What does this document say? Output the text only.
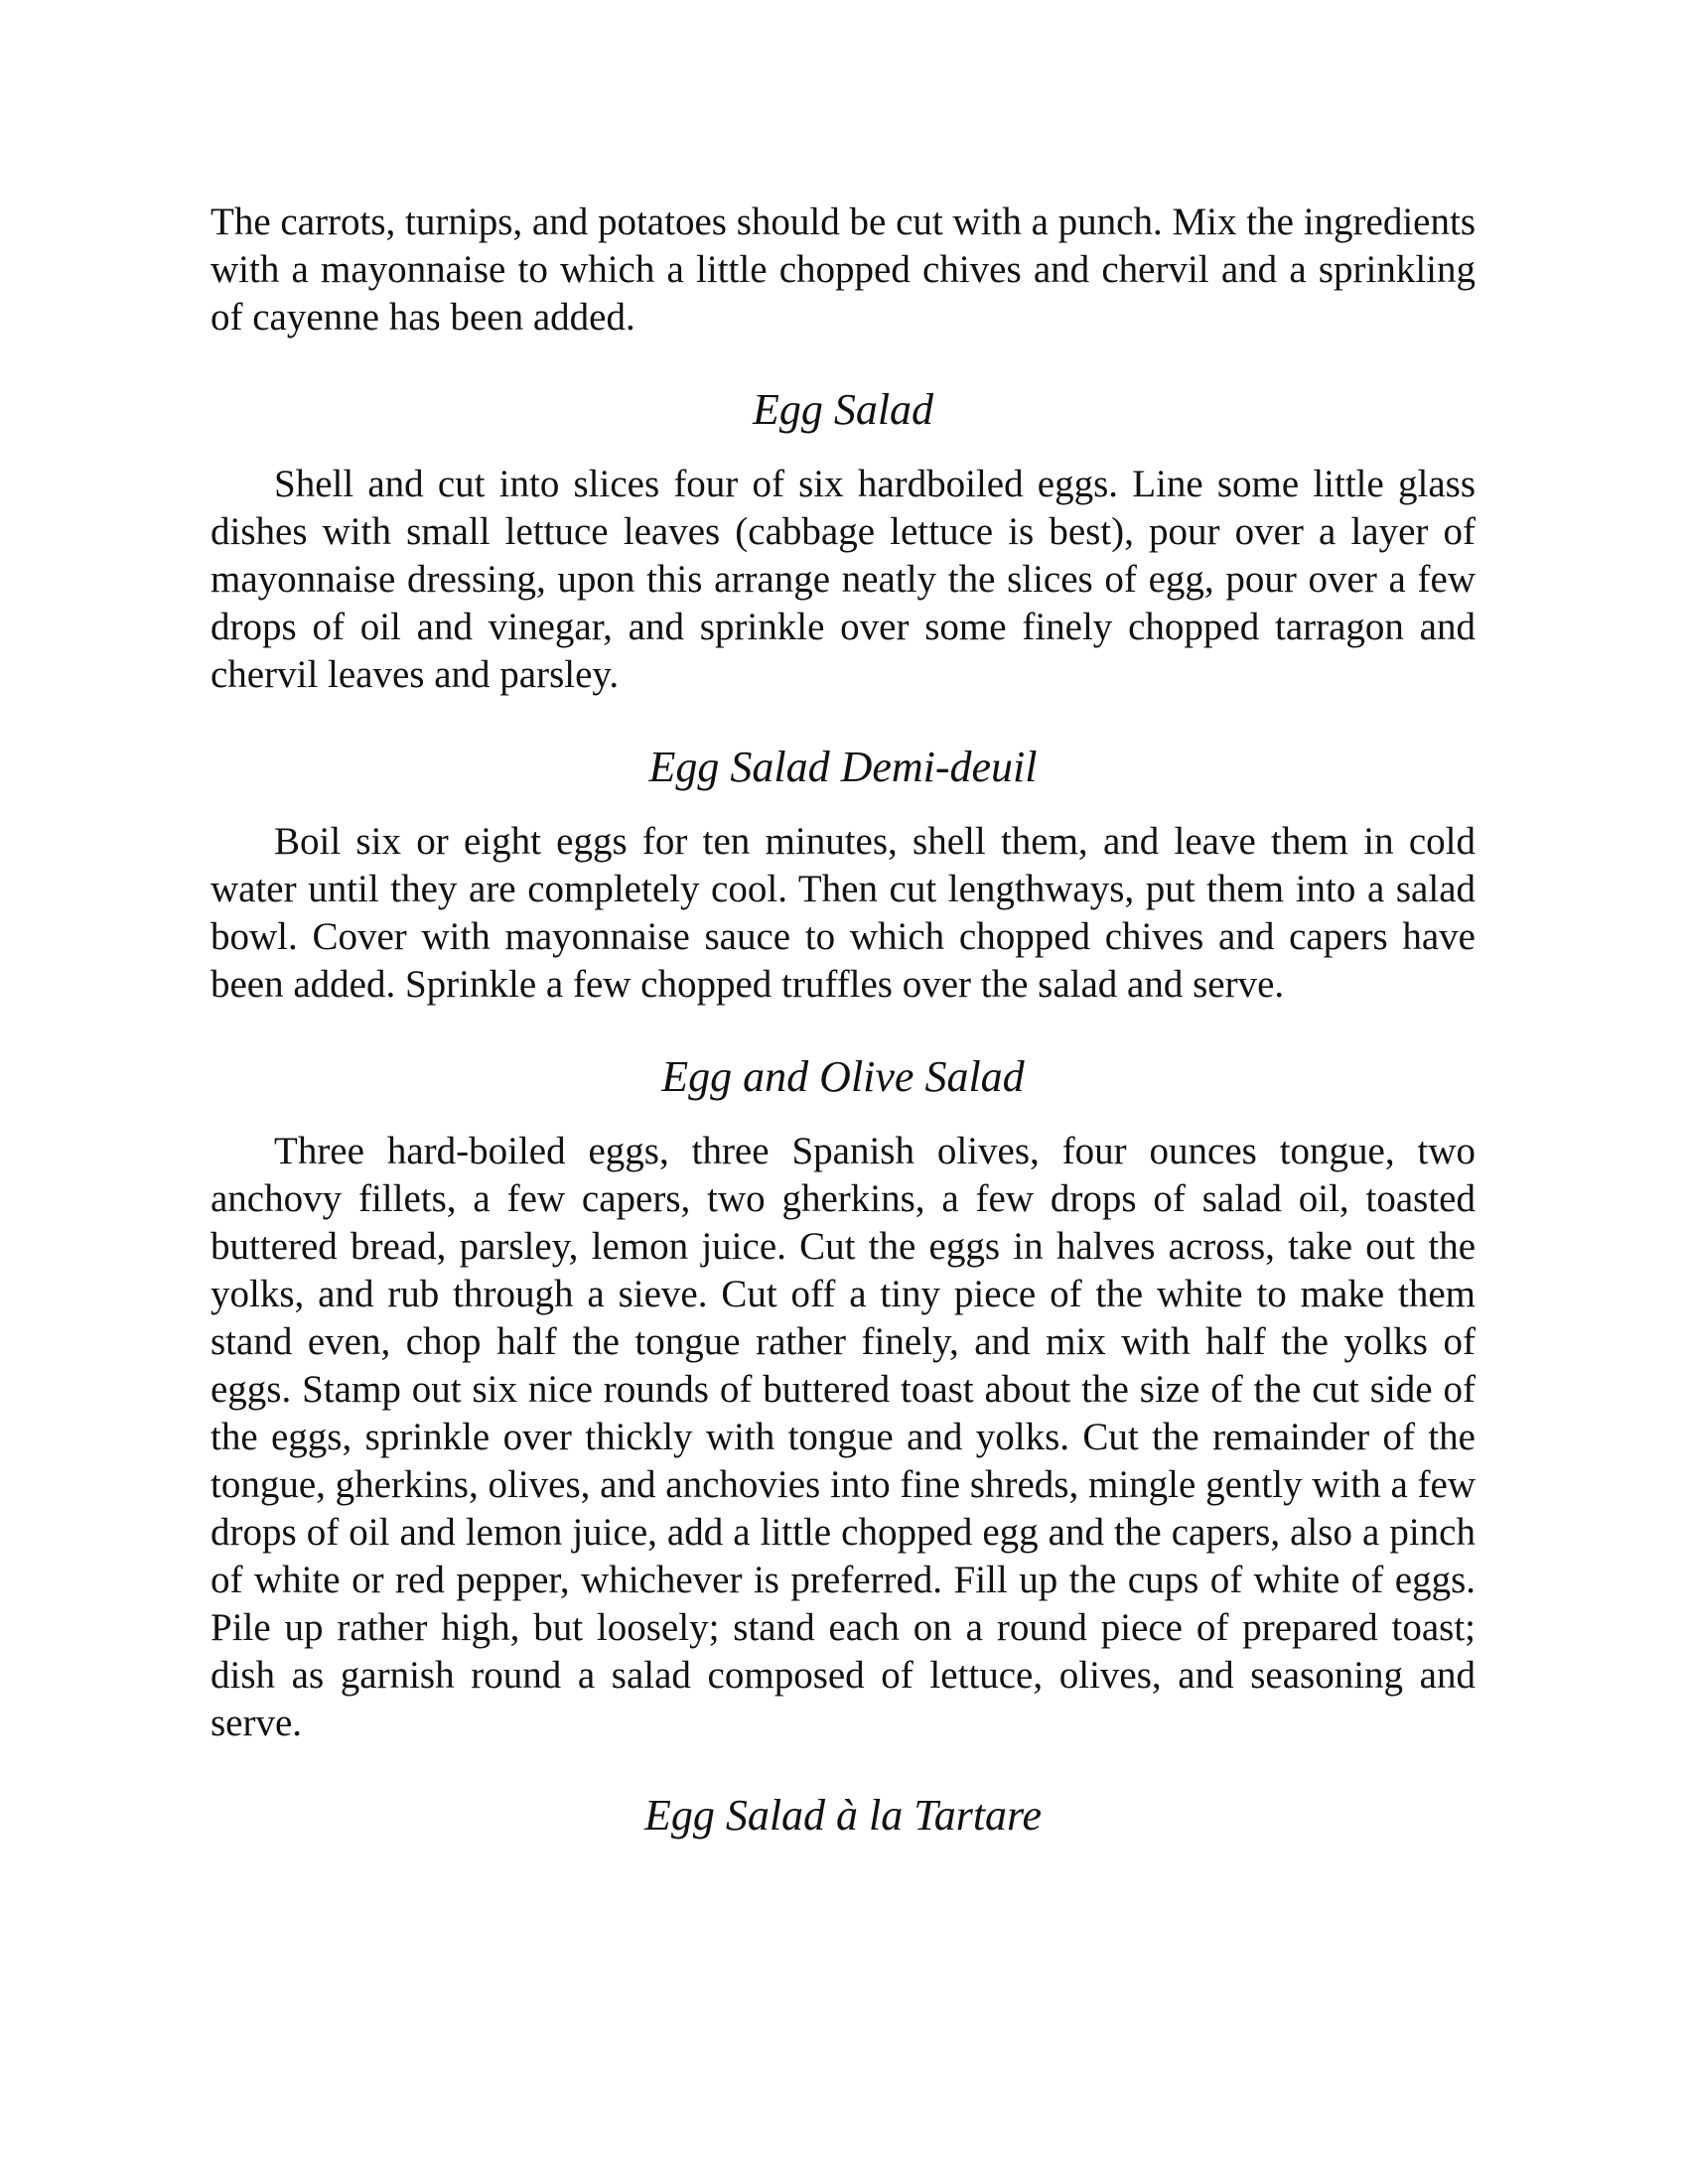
The carrots, turnips, and potatoes should be cut with a punch. Mix the ingredients with a mayonnaise to which a little chopped chives and chervil and a sprinkling of cayenne has been added.

Egg Salad

Shell and cut into slices four of six hardboiled eggs. Line some little glass dishes with small lettuce leaves (cabbage lettuce is best), pour over a layer of mayonnaise dressing, upon this arrange neatly the slices of egg, pour over a few drops of oil and vinegar, and sprinkle over some finely chopped tarragon and chervil leaves and parsley.

Egg Salad Demi-deuil

Boil six or eight eggs for ten minutes, shell them, and leave them in cold water until they are completely cool. Then cut lengthways, put them into a salad bowl. Cover with mayonnaise sauce to which chopped chives and capers have been added. Sprinkle a few chopped truffles over the salad and serve.

Egg and Olive Salad

Three hard-boiled eggs, three Spanish olives, four ounces tongue, two anchovy fillets, a few capers, two gherkins, a few drops of salad oil, toasted buttered bread, parsley, lemon juice. Cut the eggs in halves across, take out the yolks, and rub through a sieve. Cut off a tiny piece of the white to make them stand even, chop half the tongue rather finely, and mix with half the yolks of eggs. Stamp out six nice rounds of buttered toast about the size of the cut side of the eggs, sprinkle over thickly with tongue and yolks. Cut the remainder of the tongue, gherkins, olives, and anchovies into fine shreds, mingle gently with a few drops of oil and lemon juice, add a little chopped egg and the capers, also a pinch of white or red pepper, whichever is preferred. Fill up the cups of white of eggs. Pile up rather high, but loosely; stand each on a round piece of prepared toast; dish as garnish round a salad composed of lettuce, olives, and seasoning and serve.

Egg Salad à la Tartare
